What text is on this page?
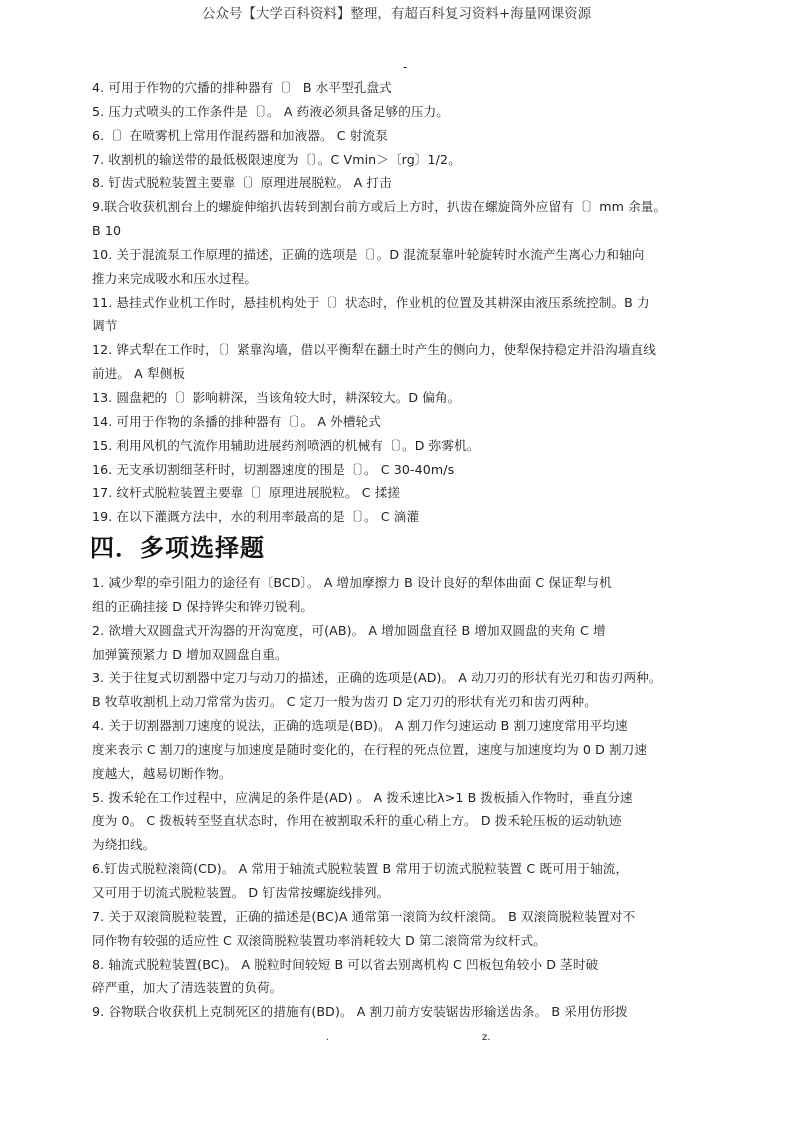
公众号【大学百科资料】整理，有超百科复习资料+海量网课资源
-
4. 可用于作物的穴播的排种器有〔〕 B 水平型孔盘式
5. 压力式喷头的工作条件是〔〕。 A 药液必须具备足够的压力。
6.〔〕在喷雾机上常用作混药器和加液器。 C 射流泵
7. 收割机的输送带的最低极限速度为〔〕。C Vmin＞〔rg〕1/2。
8. 钉齿式脱粒装置主要靠〔〕原理进展脱粒。 A 打击
9.联合收获机割台上的螺旋伸缩扒齿转到割台前方或后上方时，扒齿在螺旋筒外应留有〔〕mm 余量。
B 10
10. 关于混流泵工作原理的描述，正确的选项是〔〕。D 混流泵靠叶轮旋转时水流产生离心力和轴向
推力来完成吸水和压水过程。
11. 悬挂式作业机工作时，悬挂机构处于〔〕状态时，作业机的位置及其耕深由液压系统控制。B 力
调节
12. 铧式犁在工作时，〔〕紧靠沟墙，借以平衡犁在翻土时产生的侧向力，使犁保持稳定并沿沟墙直线
前进。 A 犁侧板
13. 圆盘耙的〔〕影响耕深，当该角较大时，耕深较大。D 偏角。
14. 可用于作物的条播的排种器有〔〕。 A 外槽轮式
15. 利用风机的气流作用辅助进展药剂喷洒的机械有〔〕。D 弥雾机。
16. 无支承切割细茎秆时，切割器速度的围是〔〕。 C 30-40m/s
17. 纹杆式脱粒装置主要靠〔〕原理进展脱粒。 C 揉搓
19. 在以下灌溉方法中，水的利用率最高的是〔〕。 C 滴灌
四．多项选择题
1. 减少犁的牵引阻力的途径有〔BCD〕。 A 增加摩擦力 B 设计良好的犁体曲面 C 保证犁与机
组的正确挂接 D 保持铧尖和铧刃锐利。
2. 欲增大双圆盘式开沟器的开沟宽度，可(AB)。 A 增加圆盘直径 B 增加双圆盘的夹角 C 增
加弹簧预紧力 D 增加双圆盘自重。
3. 关于往复式切割器中定刀与动刀的描述，正确的选项是(AD)。 A 动刀刃的形状有光刃和齿刃两种。
B 牧草收割机上动刀常常为齿刃。 C 定刀一般为齿刃 D 定刀刃的形状有光刃和齿刃两种。
4. 关于切割器割刀速度的说法，正确的选项是(BD)。 A 割刀作匀速运动 B 割刀速度常用平均速
度来表示 C 割刀的速度与加速度是随时变化的，在行程的死点位置，速度与加速度均为 0 D 割刀速
度越大，越易切断作物。
5. 拨禾轮在工作过程中，应满足的条件是(AD) 。 A 拨禾速比λ>1 B 拨板插入作物时，垂直分速
度为 0。 C 拨板转至竖直状态时，作用在被割取禾秆的重心稍上方。 D 拨禾轮压板的运动轨迹
为绕扣线。
6.钉齿式脱粒滚筒(CD)。 A 常用于轴流式脱粒装置 B 常用于切流式脱粒装置 C 既可用于轴流，
又可用于切流式脱粒装置。 D 钉齿常按螺旋线排列。
7. 关于双滚筒脱粒装置，正确的描述是(BC)A 通常第一滚筒为纹杆滚筒。 B 双滚筒脱粒装置对不
同作物有较强的适应性 C 双滚筒脱粒装置功率消耗较大 D 第二滚筒常为纹杆式。
8. 轴流式脱粒装置(BC)。 A 脱粒时间较短 B 可以省去别离机构 C 凹板包角较小 D 茎时破
碎严重，加大了清选装置的负荷。
9. 谷物联合收获机上克制死区的措施有(BD)。 A 割刀前方安装锯齿形输送齿条。 B 采用仿形拨
.	z.
